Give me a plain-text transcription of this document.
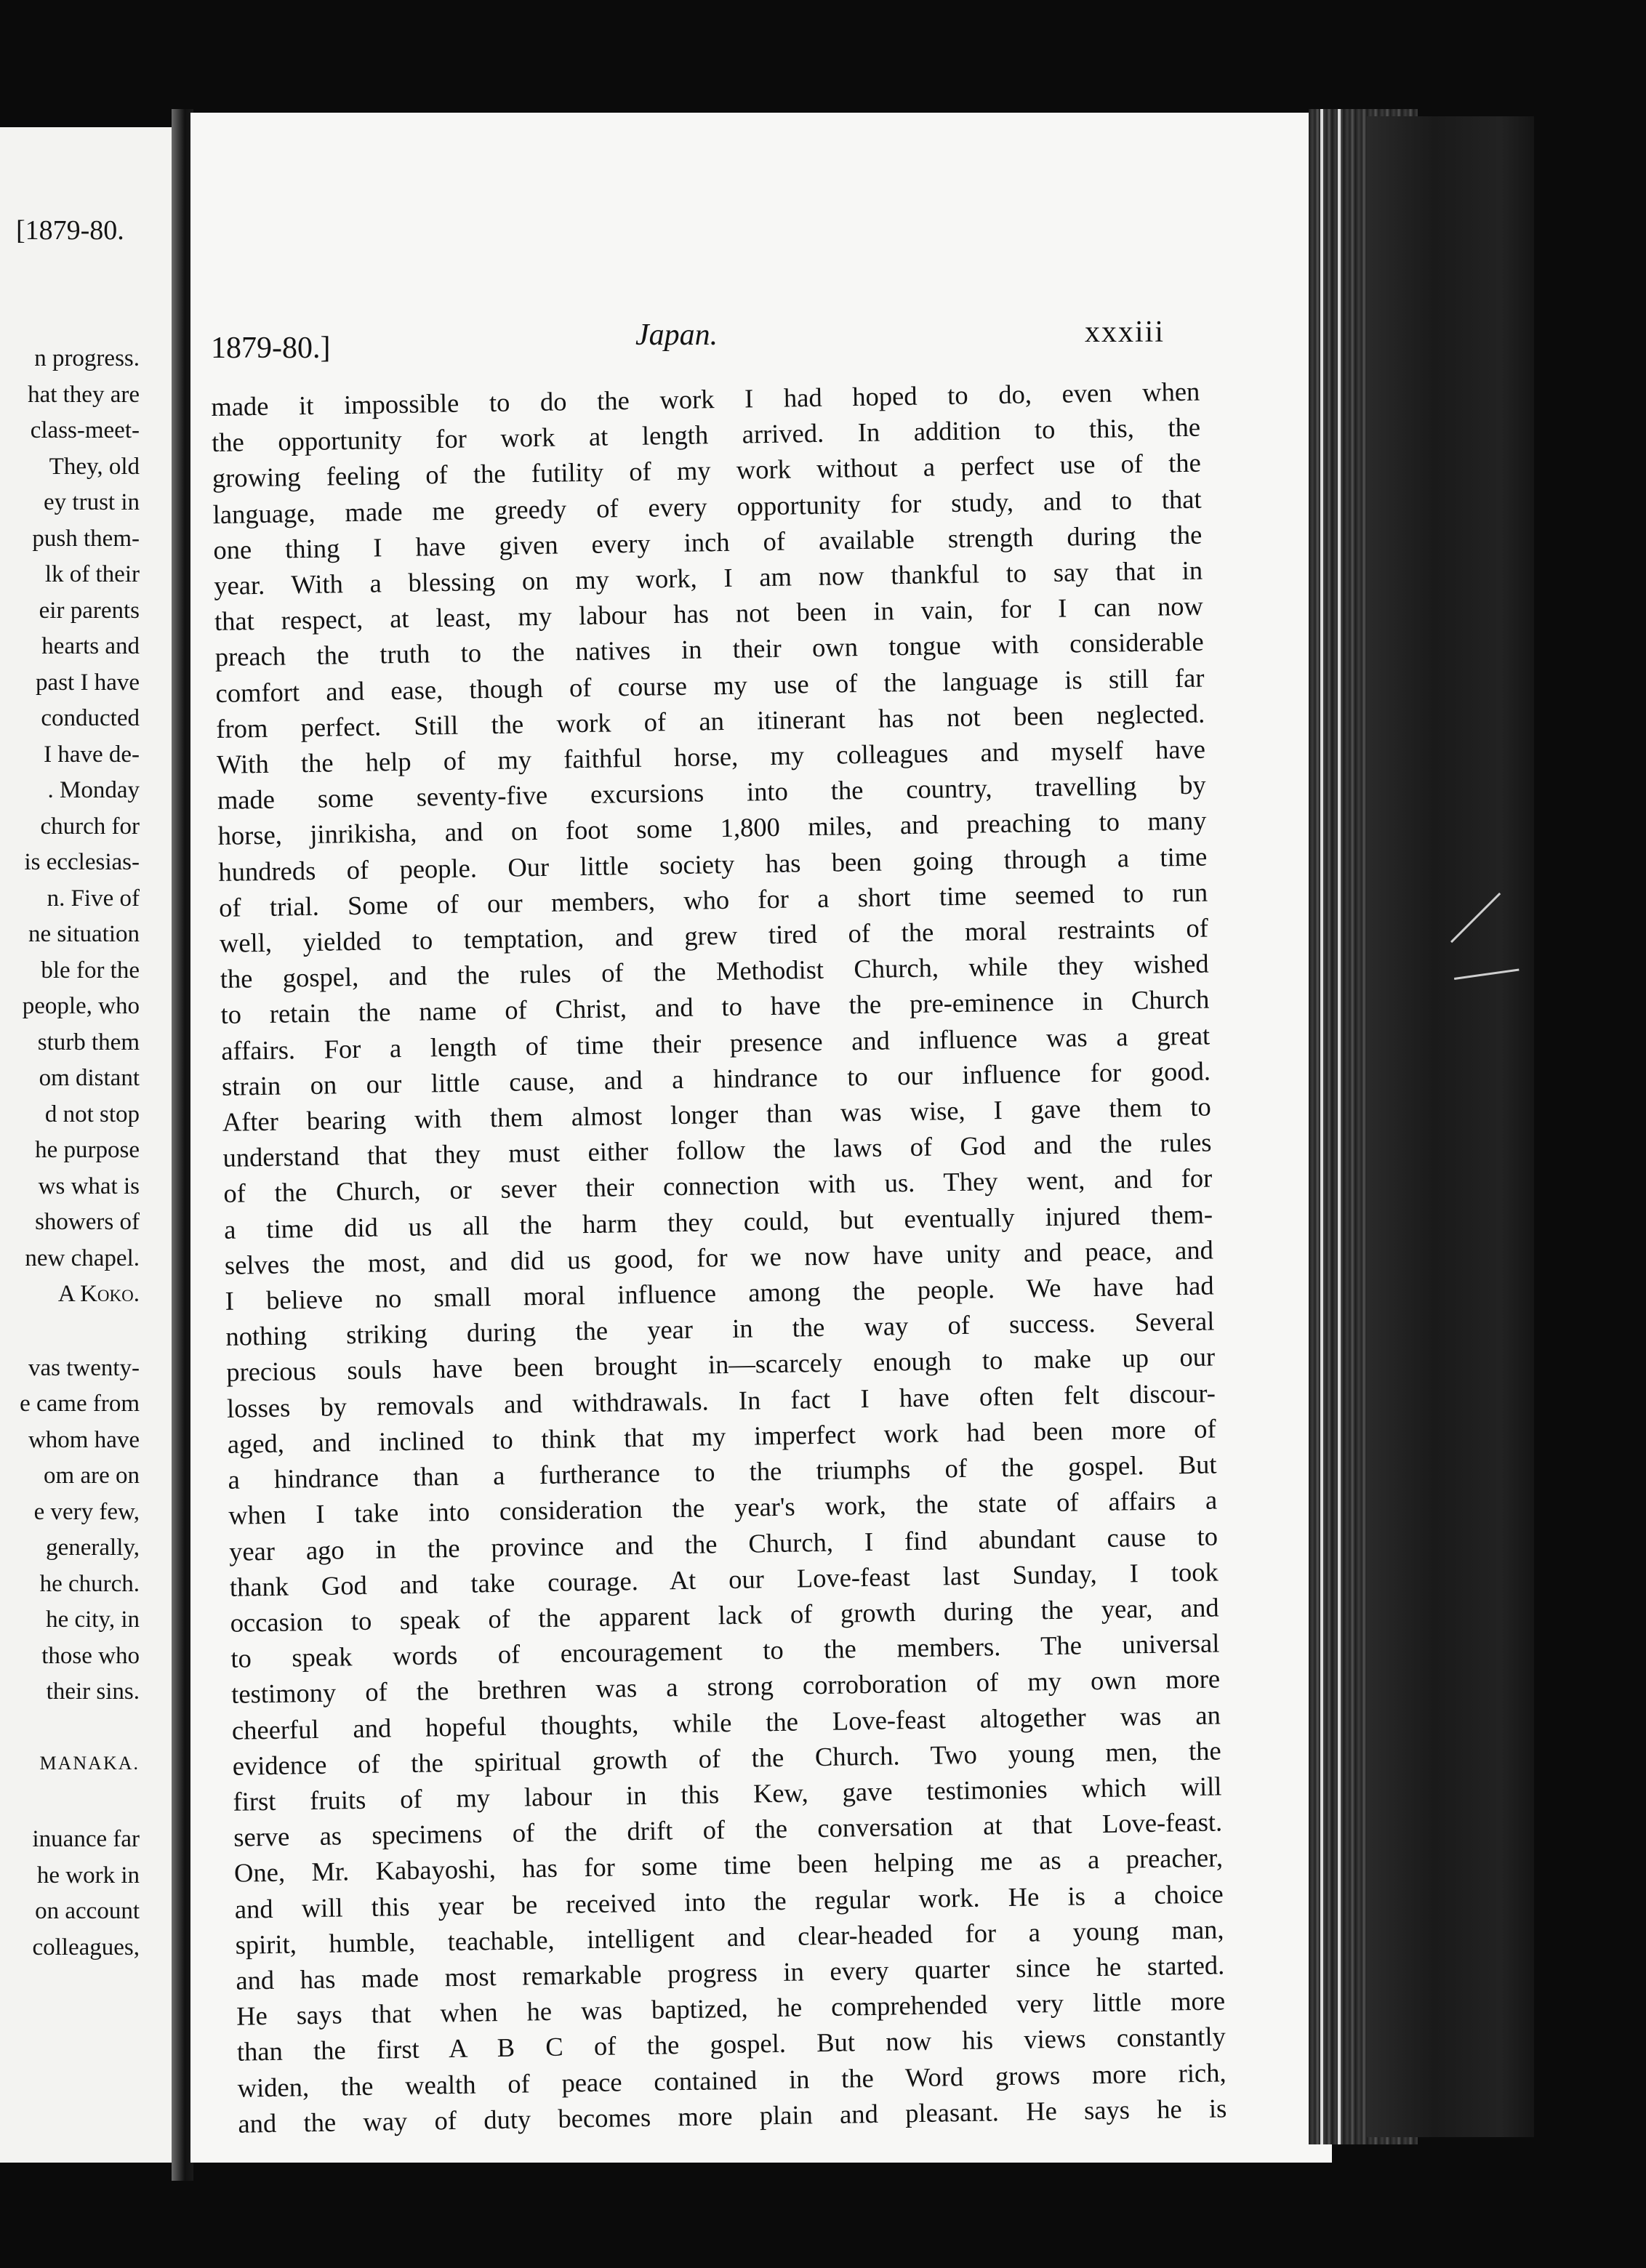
[1879-80.
n progress.
hat they are
class-meet-
They, old
ey trust in
push them-
lk of their
eir parents
hearts and
past I have
conducted
I have de-
. Monday
church for
is ecclesias-
n. Five of
ne situation
ble for the
people, who
sturb them
om distant
d not stop
he purpose
ws what is
showers of
new chapel.
A Koko.
vas twenty-
e came from
whom have
om are on
e very few,
generally,
he church.
he city, in
those who
their sins.
MANAKA.
inuance far
he work in
on account
colleagues,
1879-80.]	Japan.	xxxiii
made it impossible to do the work I had hoped to do, even when
the opportunity for work at length arrived. In addition to this, the
growing feeling of the futility of my work without a perfect use of the
language, made me greedy of every opportunity for study, and to that
one thing I have given every inch of available strength during the
year. With a blessing on my work, I am now thankful to say that in
that respect, at least, my labour has not been in vain, for I can now
preach the truth to the natives in their own tongue with considerable
comfort and ease, though of course my use of the language is still far
from perfect. Still the work of an itinerant has not been neglected.
With the help of my faithful horse, my colleagues and myself have
made some seventy-five excursions into the country, travelling by
horse, jinrikisha, and on foot some 1,800 miles, and preaching to many
hundreds of people. Our little society has been going through a time
of trial. Some of our members, who for a short time seemed to run
well, yielded to temptation, and grew tired of the moral restraints of
the gospel, and the rules of the Methodist Church, while they wished
to retain the name of Christ, and to have the pre-eminence in Church
affairs. For a length of time their presence and influence was a great
strain on our little cause, and a hindrance to our influence for good.
After bearing with them almost longer than was wise, I gave them to
understand that they must either follow the laws of God and the rules
of the Church, or sever their connection with us. They went, and for
a time did us all the harm they could, but eventually injured them-
selves the most, and did us good, for we now have unity and peace, and
I believe no small moral influence among the people. We have had
nothing striking during the year in the way of success. Several
precious souls have been brought in—scarcely enough to make up our
losses by removals and withdrawals. In fact I have often felt discour-
aged, and inclined to think that my imperfect work had been more of
a hindrance than a furtherance to the triumphs of the gospel. But
when I take into consideration the year's work, the state of affairs a
year ago in the province and the Church, I find abundant cause to
thank God and take courage. At our Love-feast last Sunday, I took
occasion to speak of the apparent lack of growth during the year, and
to speak words of encouragement to the members. The universal
testimony of the brethren was a strong corroboration of my own more
cheerful and hopeful thoughts, while the Love-feast altogether was an
evidence of the spiritual growth of the Church. Two young men, the
first fruits of my labour in this Kew, gave testimonies which will
serve as specimens of the drift of the conversation at that Love-feast.
One, Mr. Kabayoshi, has for some time been helping me as a preacher,
and will this year be received into the regular work. He is a choice
spirit, humble, teachable, intelligent and clear-headed for a young man,
and has made most remarkable progress in every quarter since he started.
He says that when he was baptized, he comprehended very little more
than the first A B C of the gospel. But now his views constantly
widen, the wealth of peace contained in the Word grows more rich,
and the way of duty becomes more plain and pleasant. He says he is
